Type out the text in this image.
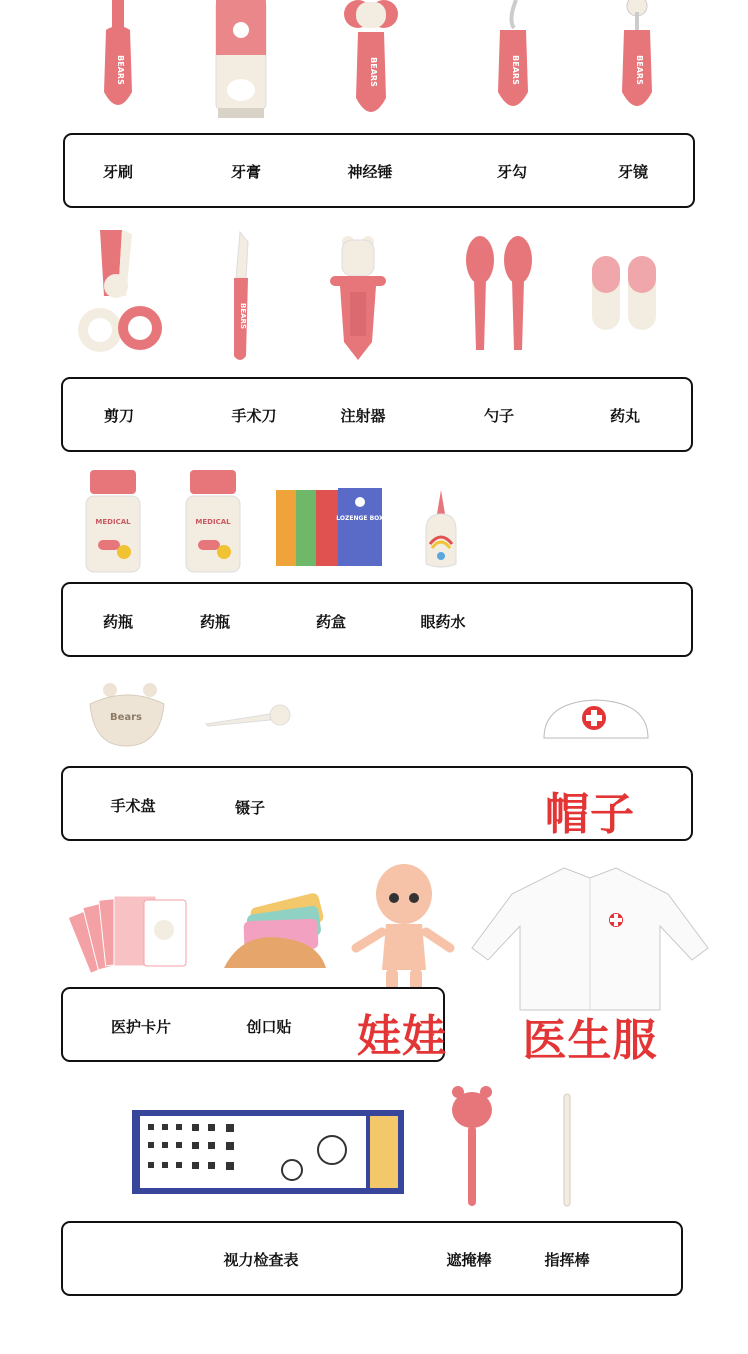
BEARS	BEARS	BEARS	BEARS
牙刷	牙膏	神经锤	牙勾	牙镜
BEARS
剪刀	手术刀	注射器	勺子	药丸
MEDICAL	MEDICAL	LOZENGE BOX
药瓶	药瓶	药盒	眼药水
Bears
手术盘	镊子	帽子
医护卡片	创口贴 娃娃 医生服
视力检查表	遮掩棒	指挥棒
